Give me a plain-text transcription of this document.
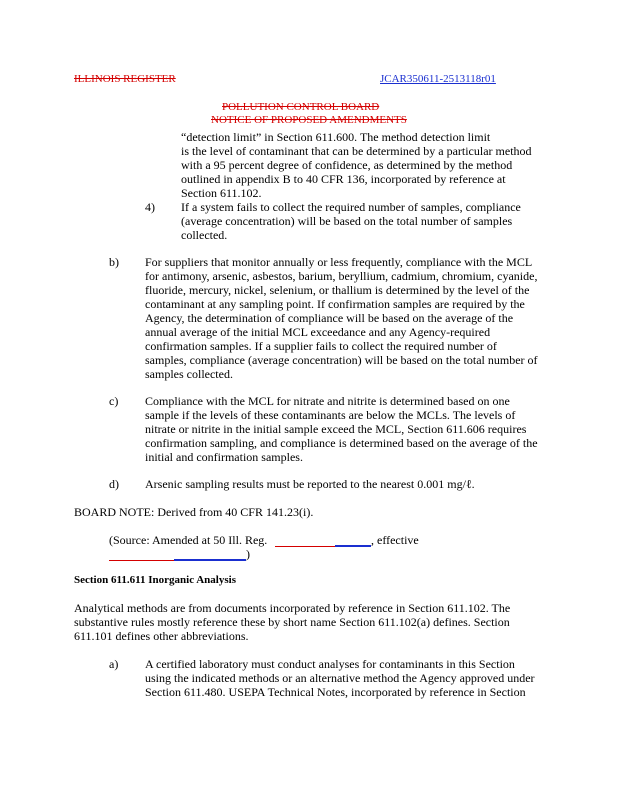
ILLINOIS REGISTER	JCAR350611-2513118r01
POLLUTION CONTROL BOARD
NOTICE OF PROPOSED AMENDMENTS
“detection limit” in Section 611.600. The method detection limit
is the level of contaminant that can be determined by a particular method
with a 95 percent degree of confidence, as determined by the method
outlined in appendix B to 40 CFR 136, incorporated by reference at
Section 611.102.
4) If a system fails to collect the required number of samples, compliance
(average concentration) will be based on the total number of samples
collected.
b) For suppliers that monitor annually or less frequently, compliance with the MCL
for antimony, arsenic, asbestos, barium, beryllium, cadmium, chromium, cyanide,
fluoride, mercury, nickel, selenium, or thallium is determined by the level of the
contaminant at any sampling point. If confirmation samples are required by the
Agency, the determination of compliance will be based on the average of the
annual average of the initial MCL exceedance and any Agency-required
confirmation samples. If a supplier fails to collect the required number of
samples, compliance (average concentration) will be based on the total number of
samples collected.
c) Compliance with the MCL for nitrate and nitrite is determined based on one
sample if the levels of these contaminants are below the MCLs. The levels of
nitrate or nitrite in the initial sample exceed the MCL, Section 611.606 requires
confirmation sampling, and compliance is determined based on the average of the
initial and confirmation samples.
d) Arsenic sampling results must be reported to the nearest 0.001 mg/ℓ.
BOARD NOTE: Derived from 40 CFR 141.23(i).
(Source: Amended at 50 Ill. Reg.	, effective
)
Section 611.611 Inorganic Analysis
Analytical methods are from documents incorporated by reference in Section 611.102. The
substantive rules mostly reference these by short name Section 611.102(a) defines. Section
611.101 defines other abbreviations.
a) A certified laboratory must conduct analyses for contaminants in this Section
using the indicated methods or an alternative method the Agency approved under
Section 611.480. USEPA Technical Notes, incorporated by reference in Section
